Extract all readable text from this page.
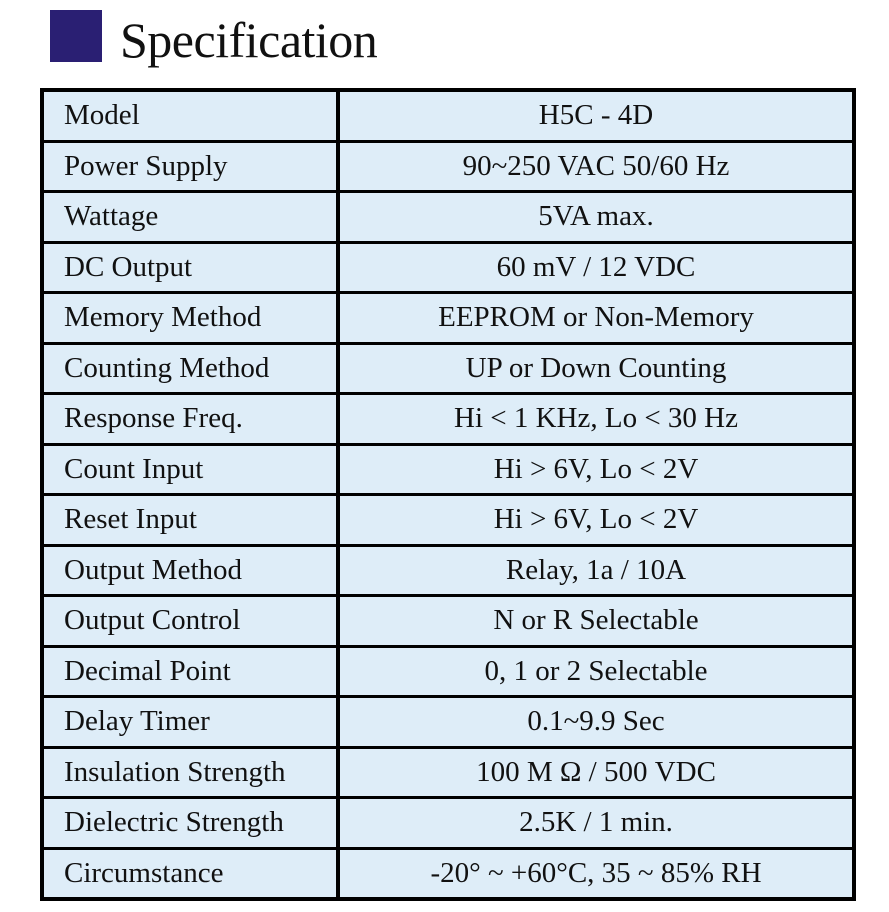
Specification
Model	H5C - 4D
Power Supply	90~250 VAC 50/60 Hz
Wattage	5VA max.
DC Output	60 mV / 12 VDC
Memory Method	EEPROM or Non-Memory
Counting Method	UP or Down Counting
Response Freq.	Hi < 1 KHz, Lo < 30 Hz
Count Input	Hi > 6V, Lo < 2V
Reset Input	Hi > 6V, Lo < 2V
Output Method	Relay, 1a / 10A
Output Control	N or R Selectable
Decimal Point	0, 1 or 2 Selectable
Delay Timer	0.1~9.9 Sec
Insulation Strength	100 M Ω / 500 VDC
Dielectric Strength	2.5K / 1 min.
Circumstance	-20° ~ +60°C, 35 ~ 85% RH
